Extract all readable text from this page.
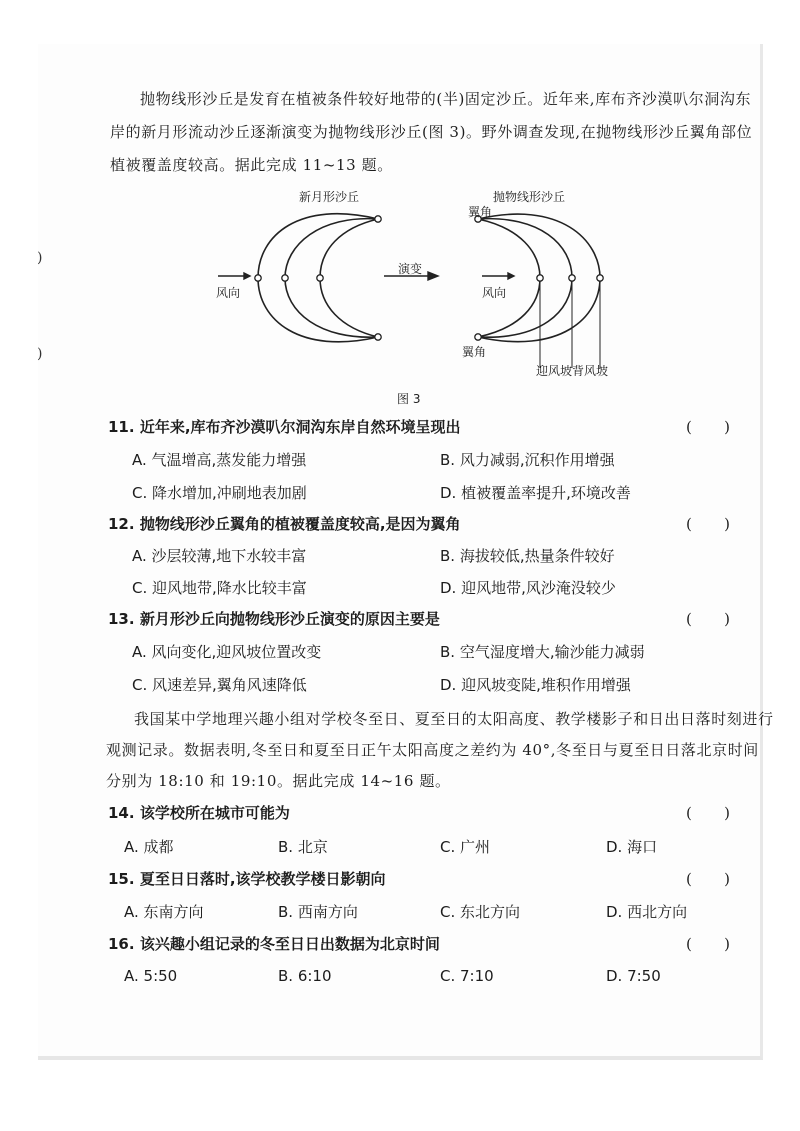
)
)
抛物线形沙丘是发育在植被条件较好地带的(半)固定沙丘。近年来,库布齐沙漠叭尔洞沟东
岸的新月形流动沙丘逐渐演变为抛物线形沙丘(图 3)。野外调查发现,在抛物线形沙丘翼角部位
植被覆盖度较高。据此完成 11~13 题。
新月形沙丘	抛物线形沙丘
翼角
演变
风向	风向
翼角
迎风坡背风坡
图 3
11. 近年来,库布齐沙漠叭尔洞沟东岸自然环境呈现出	( )
A. 气温增高,蒸发能力增强	B. 风力减弱,沉积作用增强
C. 降水增加,冲刷地表加剧	D. 植被覆盖率提升,环境改善
12. 抛物线形沙丘翼角的植被覆盖度较高,是因为翼角	( )
A. 沙层较薄,地下水较丰富	B. 海拔较低,热量条件较好
C. 迎风地带,降水比较丰富	D. 迎风地带,风沙淹没较少
13. 新月形沙丘向抛物线形沙丘演变的原因主要是	( )
A. 风向变化,迎风坡位置改变	B. 空气湿度增大,输沙能力减弱
C. 风速差异,翼角风速降低	D. 迎风坡变陡,堆积作用增强
我国某中学地理兴趣小组对学校冬至日、夏至日的太阳高度、教学楼影子和日出日落时刻进行
观测记录。数据表明,冬至日和夏至日正午太阳高度之差约为 40°,冬至日与夏至日日落北京时间
分别为 18:10 和 19:10。据此完成 14~16 题。
14. 该学校所在城市可能为	( )
A. 成都	B. 北京	C. 广州	D. 海口
15. 夏至日日落时,该学校教学楼日影朝向	( )
A. 东南方向	B. 西南方向	C. 东北方向	D. 西北方向
16. 该兴趣小组记录的冬至日日出数据为北京时间	( )
A. 5:50	B. 6:10	C. 7:10	D. 7:50
